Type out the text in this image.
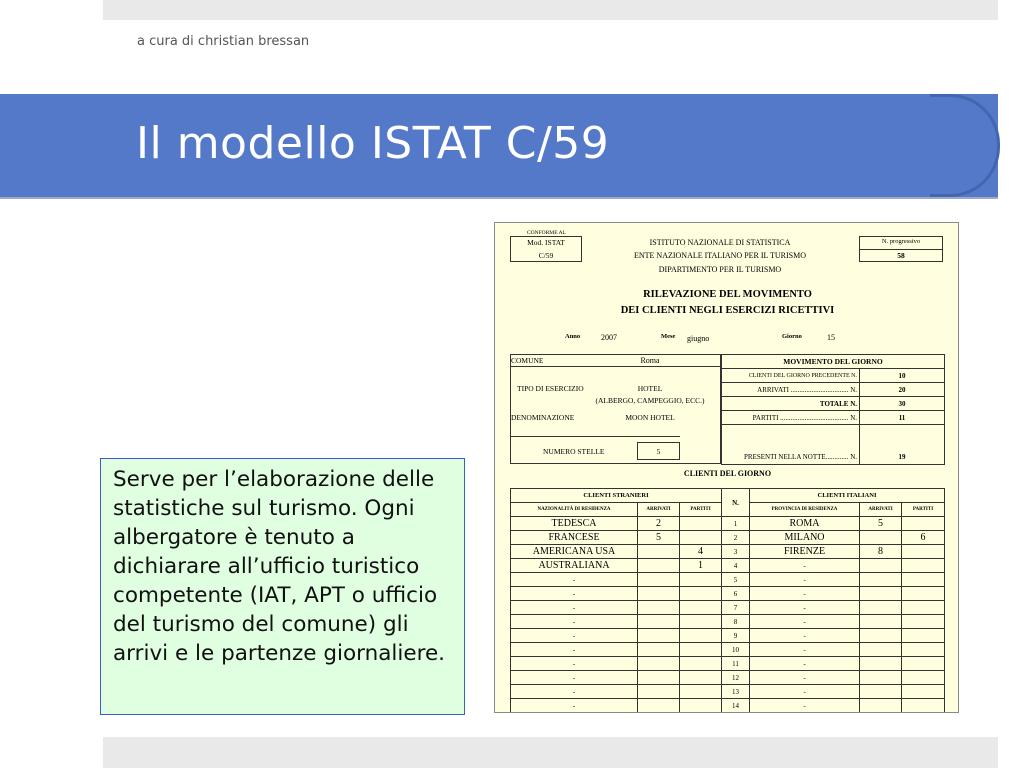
a cura di christian bressan
Il modello ISTAT C/59
Serve per l’elaborazione delle statistiche sul turismo. Ogni albergatore è tenuto a dichiarare all’ufficio turistico competente (IAT, APT o ufficio del turismo del comune) gli arrivi e le partenze giornaliere.
CONFORME AL
Mod. ISTAT
C/59
ISTITUTO NAZIONALE DI STATISTICA
ENTE NAZIONALE ITALIANO PER IL TURISMO
DIPARTIMENTO PER IL TURISMO
N. progressivo
58
RILEVAZIONE DEL MOVIMENTO
DEI CLIENTI NEGLI ESERCIZI RICETTIVI
Anno	2007	Mese giugno	Giorno	15
COMUNE	Roma
TIPO DI ESERCIZIO	HOTEL
(ALBERGO, CAMPEGGIO, ECC.)
DENOMINAZIONE	MOON HOTEL
NUMERO STELLE	5
MOVIMENTO DEL GIORNO	
CLIENTI DEL GIORNO PRECEDENTE N.	10
ARRIVATI ................................. N.	20
TOTALE N.	30
PARTITI ....................................... N.	11
PRESENTI NELLA NOTTE............. N.	19
CLIENTI DEL GIORNO
CLIENTI STRANIERI			N.	CLIENTI ITALIANI		
NAZIONALITÀ DI RESIDENZA	ARRIVATI	PARTITI		PROVINCIA DI RESIDENZA	ARRIVATI	PARTITI
TEDESCA	2		1	ROMA	5	
FRANCESE	5		2	MILANO		6
AMERICANA USA		4	3	FIRENZE	8	
AUSTRALIANA		1	4	-		
-			5	-		
-			6	-		
-			7	-		
-			8	-		
-			9	-		
-			10	-		
-			11	-		
-			12	-		
-			13	-		
-			14	-		
